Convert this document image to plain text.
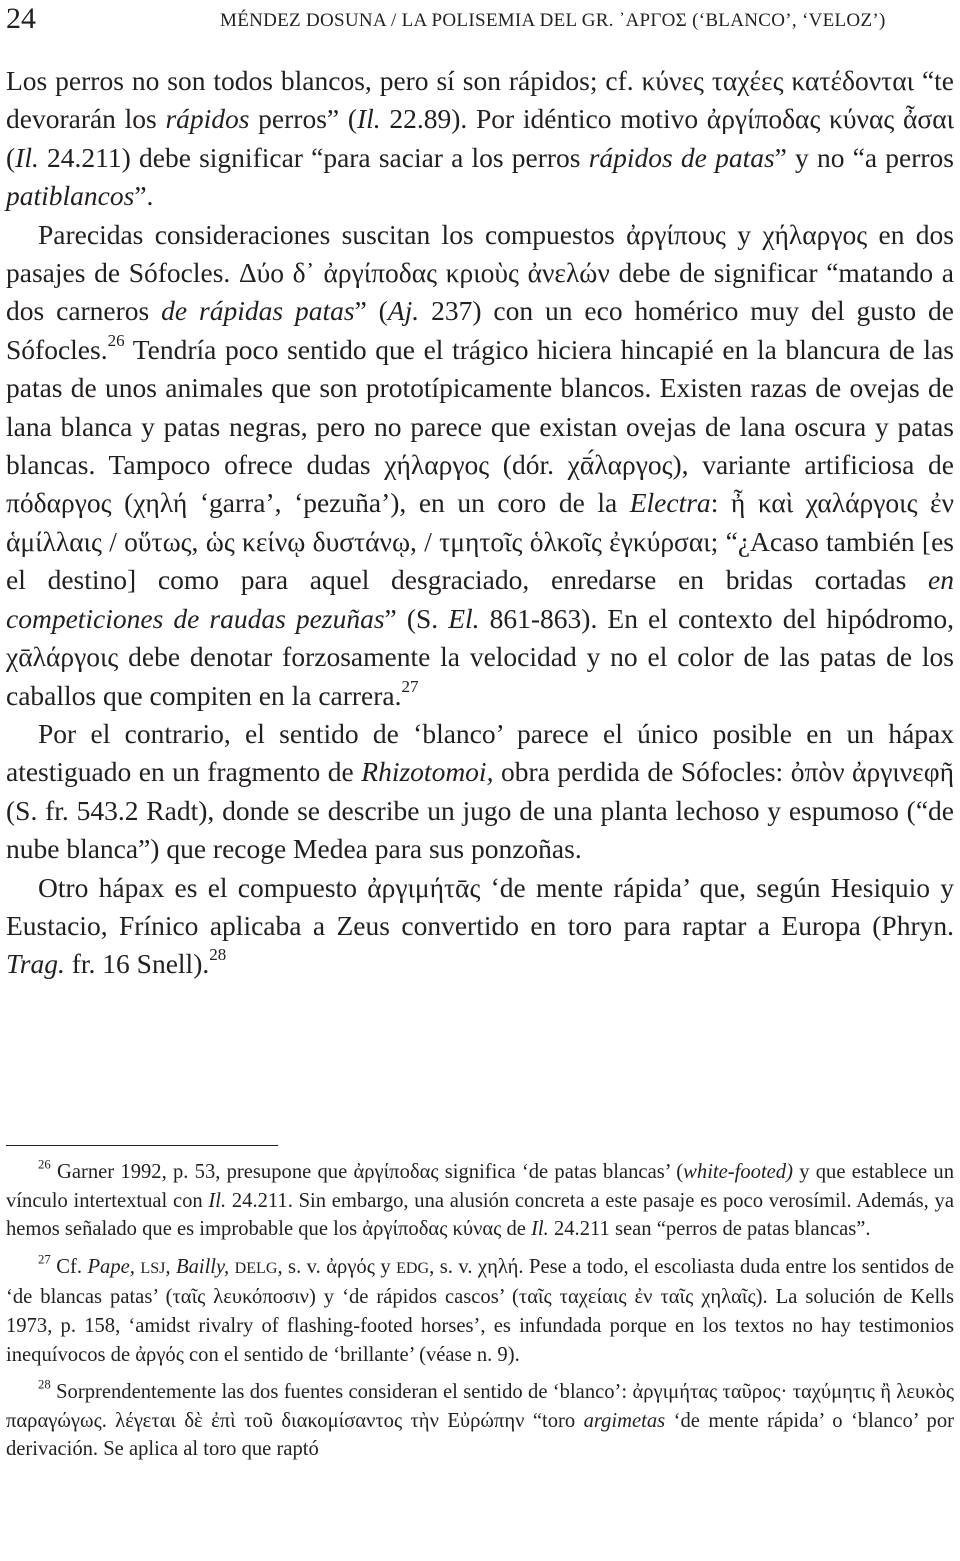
24	MÉNDEZ DOSUNA / LA POLISEMIA DEL GR. ᾽ΑΡΓΟΣ (‘BLANCO’, ‘VELOZ’)

Los perros no son todos blancos, pero sí son rápidos; cf. κύνες ταχέες κατέδονται “te devorarán los rápidos perros” (Il. 22.89). Por idéntico motivo ἀργίποδας κύνας ἆσαι (Il. 24.211) debe significar “para saciar a los perros rápidos de patas” y no “a perros patiblancos”.

Parecidas consideraciones suscitan los compuestos ἀργίπους y χήλαργος en dos pasajes de Sófocles. Δύο δ᾽ ἀργίποδας κριοὺς ἀνελών debe de significar “matando a dos carneros de rápidas patas” (Aj. 237) con un eco homérico muy del gusto de Sófocles.$^{26}$ Tendría poco sentido que el trágico hiciera hincapié en la blancura de las patas de unos animales que son prototípicamente blancos. Existen razas de ovejas de lana blanca y patas negras, pero no parece que existan ovejas de lana oscura y patas blancas. Tampoco ofrece dudas χήλαργος (dór. χᾱ́λαργος), variante artificiosa de πόδαργος (χηλή ‘garra’, ‘pezuña’), en un coro de la Electra: ἦ καὶ χαλάργοις ἐν ἁμίλλαις / οὕτως, ὡς κείνῳ δυστάνῳ, / τμητοῖς ὁλκοῖς ἐγκύρσαι; “¿Acaso también [es el destino] como para aquel desgraciado, enredarse en bridas cortadas en competiciones de raudas pezuñas” (S. El. 861-863). En el contexto del hipódromo, χᾱλάργοις debe denotar forzosamente la velocidad y no el color de las patas de los caballos que compiten en la carrera.$^{27}$

Por el contrario, el sentido de ‘blanco’ parece el único posible en un hápax atestiguado en un fragmento de Rhizotomoi, obra perdida de Sófocles: ὀπὸν ἀργινεφῆ (S. fr. 543.2 Radt), donde se describe un jugo de una planta lechoso y espumoso (“de nube blanca”) que recoge Medea para sus ponzoñas.

Otro hápax es el compuesto ἀργιμήτᾱς ‘de mente rápida’ que, según Hesiquio y Eustacio, Frínico aplicaba a Zeus convertido en toro para raptar a Europa (Phryn. Trag. fr. 16 Snell).$^{28}$

$^{26}$ Garner 1992, p. 53, presupone que ἀργίποδας significa ‘de patas blancas’ (white-footed) y que establece un vínculo intertextual con Il. 24.211. Sin embargo, una alusión concreta a este pasaje es poco verosímil. Además, ya hemos señalado que es improbable que los ἀργίποδας κύνας de Il. 24.211 sean “perros de patas blancas”.

$^{27}$ Cf. Pape, LSJ, Bailly, DELG, s. v. ἀργός y EDG, s. v. χηλή. Pese a todo, el escoliasta duda entre los sentidos de ‘de blancas patas’ (ταῖς λευκόποσιν) y ‘de rápidos cascos’ (ταῖς ταχείαις ἐν ταῖς χηλαῖς). La solución de Kells 1973, p. 158, ‘amidst rivalry of flashing-footed horses’, es infundada porque en los textos no hay testimonios inequívocos de ἀργός con el sentido de ‘brillante’ (véase n. 9).

$^{28}$ Sorprendentemente las dos fuentes consideran el sentido de ‘blanco’: ἀργιμήτας ταῦρος· ταχύμητις ἢ λευκὸς παραγώγως. λέγεται δὲ ἐπὶ τοῦ διακομίσαντος τὴν Εὐρώπην “toro argimetas ‘de mente rápida’ o ‘blanco’ por derivación. Se aplica al toro que raptó
